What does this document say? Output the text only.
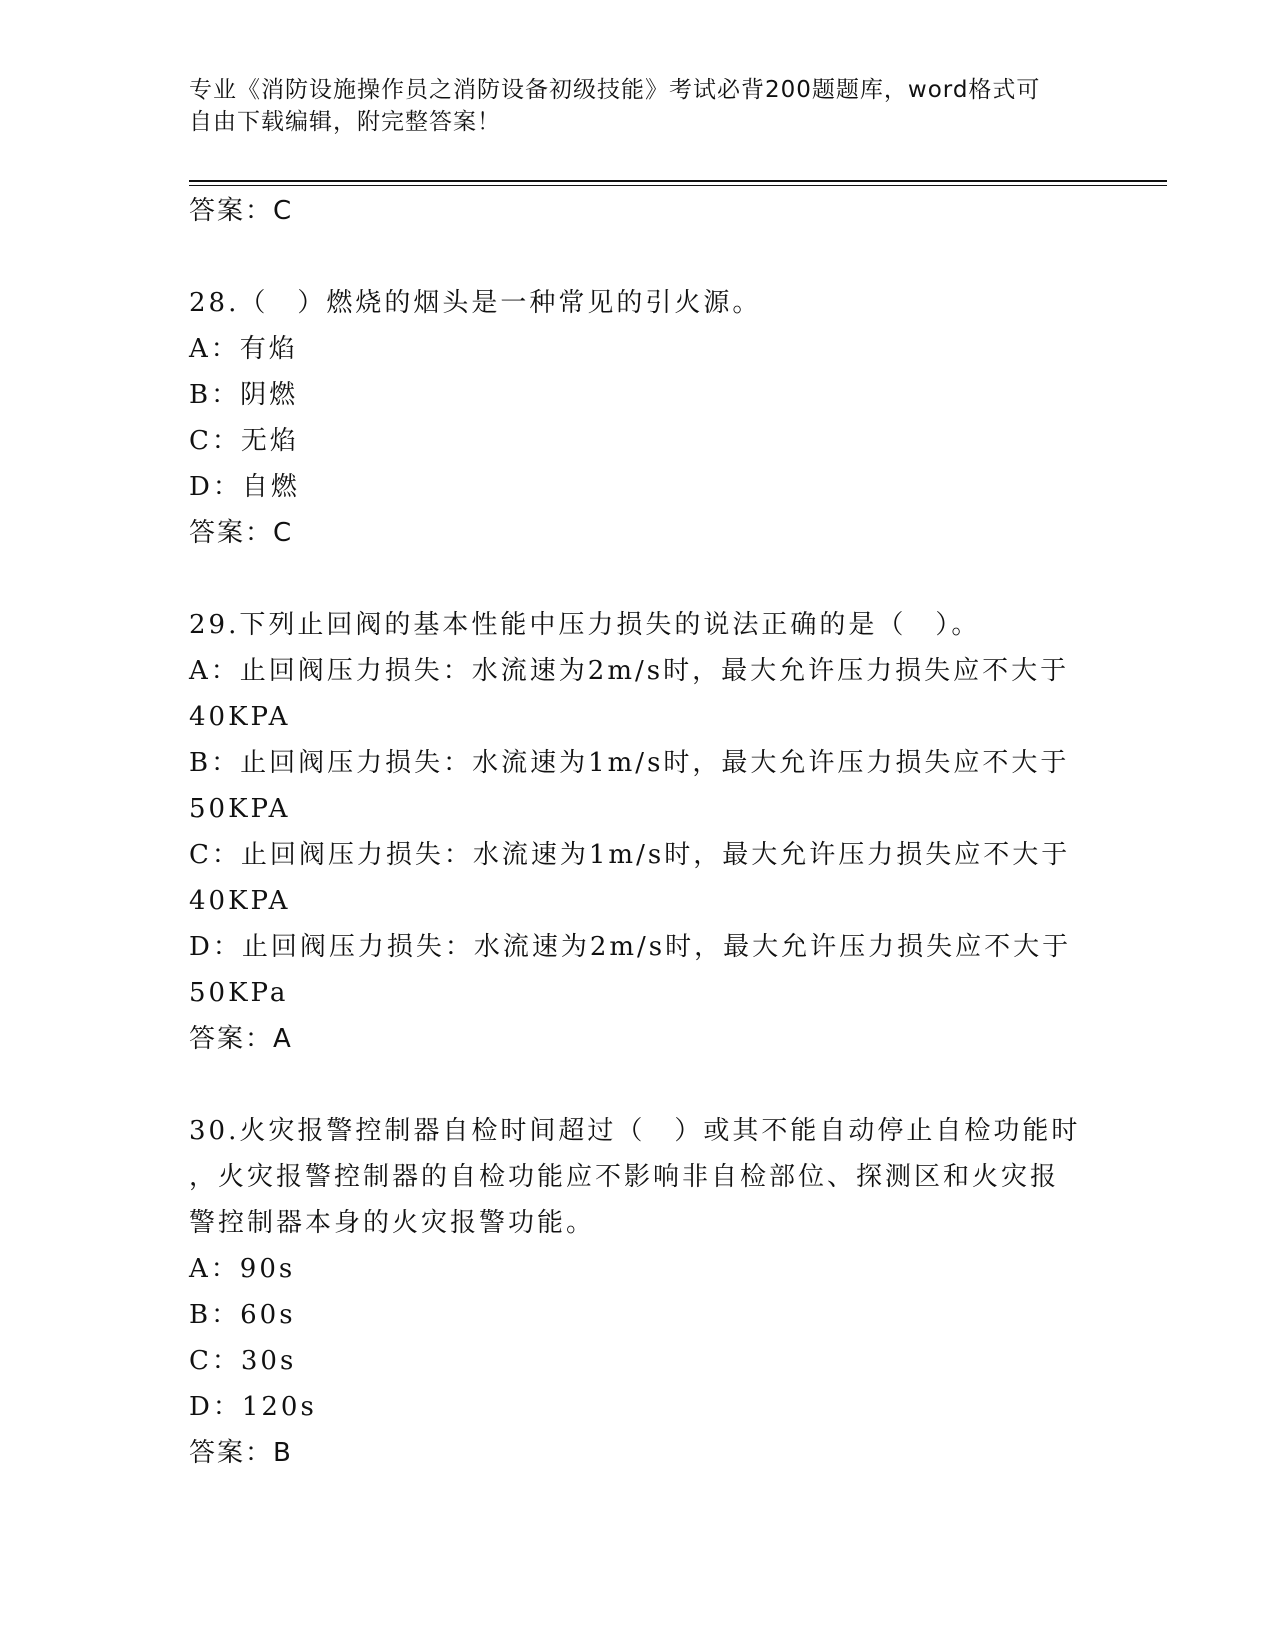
专业《消防设施操作员之消防设备初级技能》考试必背200题题库，word格式可
自由下载编辑，附完整答案！
答案：C
28.（　）燃烧的烟头是一种常见的引火源。
A：有焰
B：阴燃
C：无焰
D：自燃
答案：C
29.下列止回阀的基本性能中压力损失的说法正确的是（　）。
A：止回阀压力损失：水流速为2m/s时，最大允许压力损失应不大于
40KPA
B：止回阀压力损失：水流速为1m/s时，最大允许压力损失应不大于
50KPA
C：止回阀压力损失：水流速为1m/s时，最大允许压力损失应不大于
40KPA
D：止回阀压力损失：水流速为2m/s时，最大允许压力损失应不大于
50KPa
答案：A
30.火灾报警控制器自检时间超过（　）或其不能自动停止自检功能时
，火灾报警控制器的自检功能应不影响非自检部位、探测区和火灾报
警控制器本身的火灾报警功能。
A：90s
B：60s
C：30s
D：120s
答案：B
